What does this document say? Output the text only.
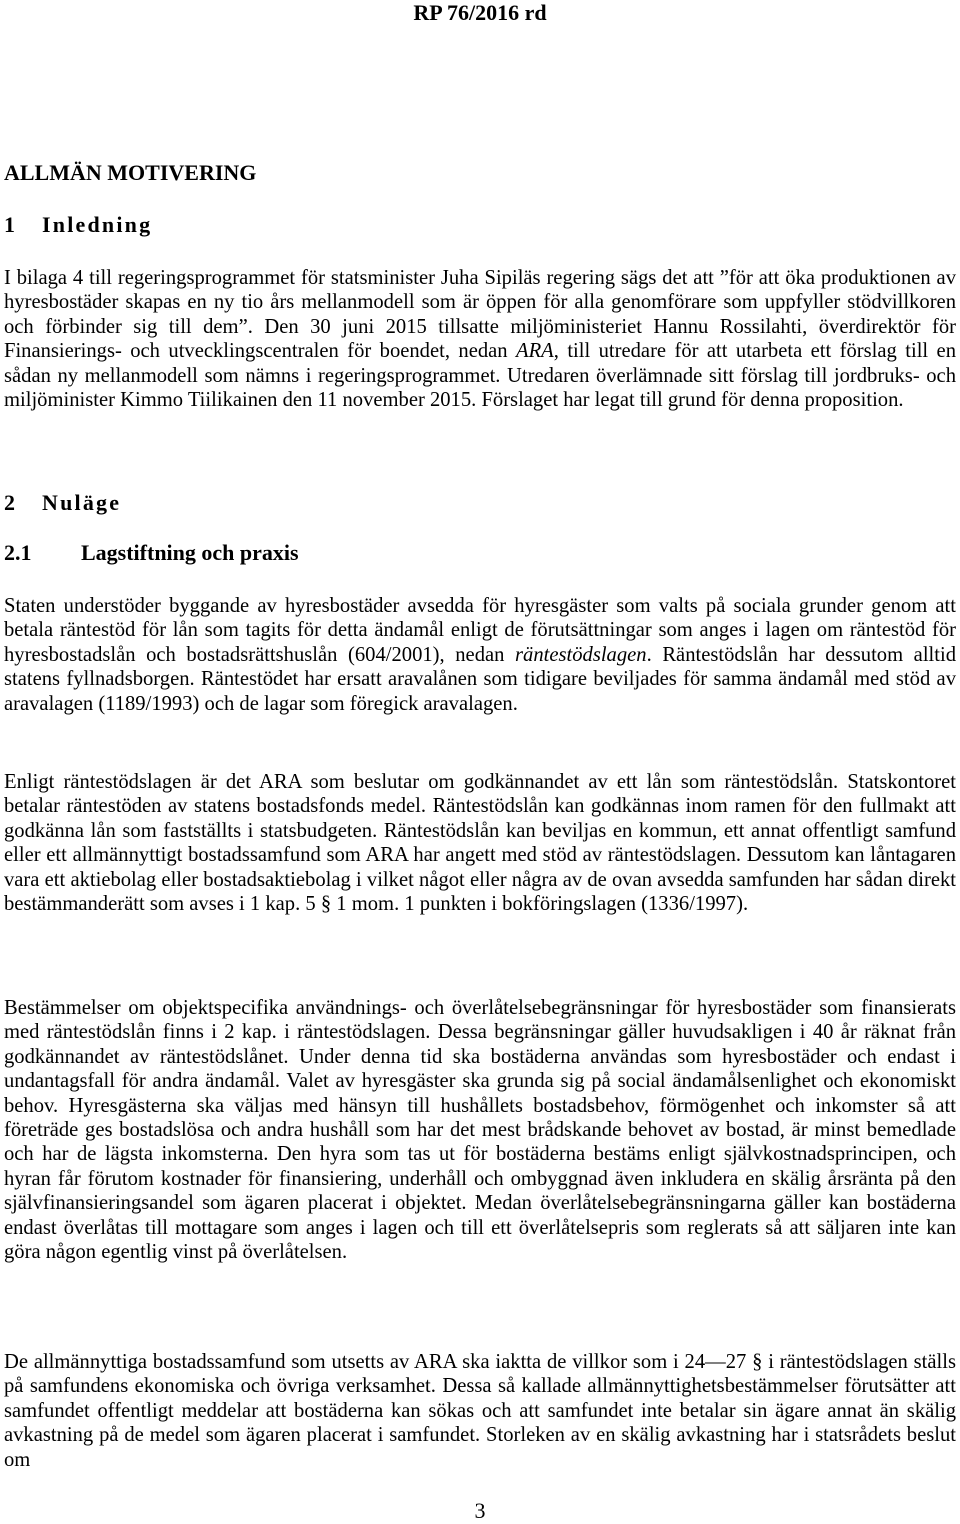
RP 76/2016 rd
ALLMÄN MOTIVERING
1 Inledning

I bilaga 4 till regeringsprogrammet för statsminister Juha Sipiläs regering sägs det att ”för att öka produktionen av hyresbostäder skapas en ny tio års mellanmodell som är öppen för alla genomförare som uppfyller stödvillkoren och förbinder sig till dem”. Den 30 juni 2015 tillsatte miljöministeriet Hannu Rossilahti, överdirektör för Finansierings- och utvecklingscentralen för boendet, nedan ARA, till utredare för att utarbeta ett förslag till en sådan ny mellanmodell som nämns i regeringsprogrammet. Utredaren överlämnade sitt förslag till jordbruks- och miljöminister Kimmo Tiilikainen den 11 november 2015. Förslaget har legat till grund för denna proposition.

2 Nuläge
2.1 Lagstiftning och praxis

Staten understöder byggande av hyresbostäder avsedda för hyresgäster som valts på sociala grunder genom att betala räntestöd för lån som tagits för detta ändamål enligt de förutsättningar som anges i lagen om räntestöd för hyresbostadslån och bostadsrättshuslån (604/2001), nedan räntestödslagen. Räntestödslån har dessutom alltid statens fyllnadsborgen. Räntestödet har ersatt aravalånen som tidigare beviljades för samma ändamål med stöd av aravalagen (1189/1993) och de lagar som föregick aravalagen.

Enligt räntestödslagen är det ARA som beslutar om godkännandet av ett lån som räntestödslån. Statskontoret betalar räntestöden av statens bostadsfonds medel. Räntestödslån kan godkännas inom ramen för den fullmakt att godkänna lån som fastställts i statsbudgeten. Räntestödslån kan beviljas en kommun, ett annat offentligt samfund eller ett allmännyttigt bostadssamfund som ARA har angett med stöd av räntestödslagen. Dessutom kan låntagaren vara ett aktiebolag eller bostadsaktiebolag i vilket något eller några av de ovan avsedda samfunden har sådan direkt bestämmanderätt som avses i 1 kap. 5 § 1 mom. 1 punkten i bokföringslagen (1336/1997).

Bestämmelser om objektspecifika användnings- och överlåtelsebegränsningar för hyresbostäder som finansierats med räntestödslån finns i 2 kap. i räntestödslagen. Dessa begränsningar gäller huvudsakligen i 40 år räknat från godkännandet av räntestödslånet. Under denna tid ska bostäderna användas som hyresbostäder och endast i undantagsfall för andra ändamål. Valet av hyresgäster ska grunda sig på social ändamålsenlighet och ekonomiskt behov. Hyresgästerna ska väljas med hänsyn till hushållets bostadsbehov, förmögenhet och inkomster så att företräde ges bostadslösa och andra hushåll som har det mest brådskande behovet av bostad, är minst bemedlade och har de lägsta inkomsterna. Den hyra som tas ut för bostäderna bestäms enligt självkostnadsprincipen, och hyran får förutom kostnader för finansiering, underhåll och ombyggnad även inkludera en skälig årsränta på den självfinansieringsandel som ägaren placerat i objektet. Medan överlåtelsebegränsningarna gäller kan bostäderna endast överlåtas till mottagare som anges i lagen och till ett överlåtelsepris som reglerats så att säljaren inte kan göra någon egentlig vinst på överlåtelsen.

De allmännyttiga bostadssamfund som utsetts av ARA ska iaktta de villkor som i 24—27 § i räntestödslagen ställs på samfundens ekonomiska och övriga verksamhet. Dessa så kallade allmännyttighetsbestämmelser förutsätter att samfundet offentligt meddelar att bostäderna kan sökas och att samfundet inte betalar sin ägare annat än skälig avkastning på de medel som ägaren placerat i samfundet. Storleken av en skälig avkastning har i statsrådets beslut om

3
